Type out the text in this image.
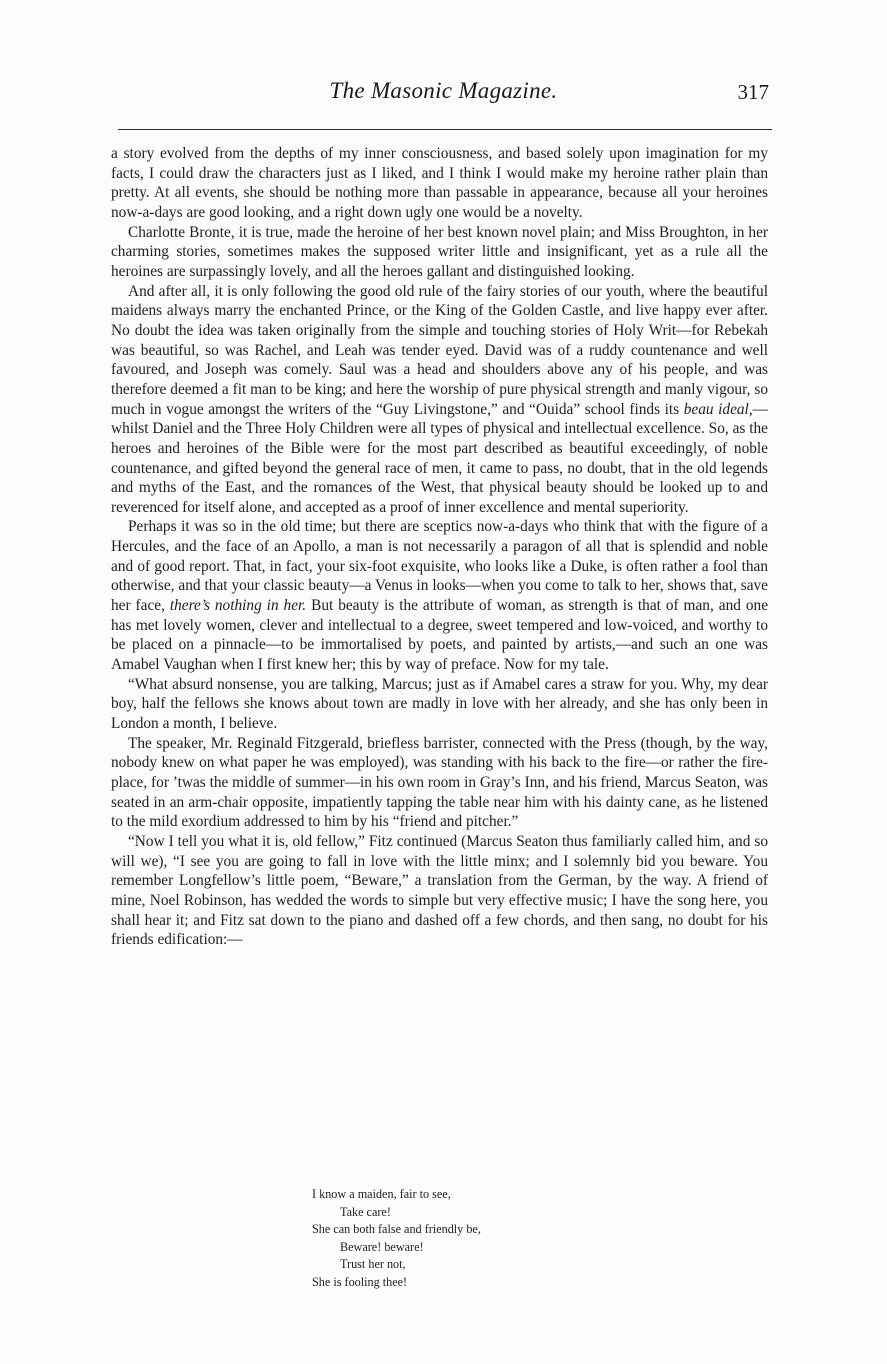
The Masonic Magazine.	317

a story evolved from the depths of my inner consciousness, and based solely upon imagination for my facts, I could draw the characters just as I liked, and I think I would make my heroine rather plain than pretty. At all events, she should be nothing more than passable in appearance, because all your heroines now-a-days are good looking, and a right down ugly one would be a novelty.

Charlotte Bronte, it is true, made the heroine of her best known novel plain; and Miss Broughton, in her charming stories, sometimes makes the supposed writer little and insignificant, yet as a rule all the heroines are surpassingly lovely, and all the heroes gallant and distinguished looking.

And after all, it is only following the good old rule of the fairy stories of our youth, where the beautiful maidens always marry the enchanted Prince, or the King of the Golden Castle, and live happy ever after. No doubt the idea was taken originally from the simple and touching stories of Holy Writ—for Rebekah was beautiful, so was Rachel, and Leah was tender eyed. David was of a ruddy countenance and well favoured, and Joseph was comely. Saul was a head and shoulders above any of his people, and was therefore deemed a fit man to be king; and here the worship of pure physical strength and manly vigour, so much in vogue amongst the writers of the “Guy Livingstone,” and “Ouida” school finds its beau ideal,—whilst Daniel and the Three Holy Children were all types of physical and intellectual excellence. So, as the heroes and heroines of the Bible were for the most part described as beautiful exceedingly, of noble countenance, and gifted beyond the general race of men, it came to pass, no doubt, that in the old legends and myths of the East, and the romances of the West, that physical beauty should be looked up to and reverenced for itself alone, and accepted as a proof of inner excellence and mental superiority.

Perhaps it was so in the old time; but there are sceptics now-a-days who think that with the figure of a Hercules, and the face of an Apollo, a man is not necessarily a paragon of all that is splendid and noble and of good report. That, in fact, your six-foot exquisite, who looks like a Duke, is often rather a fool than otherwise, and that your classic beauty—a Venus in looks—when you come to talk to her, shows that, save her face, there’s nothing in her. But beauty is the attribute of woman, as strength is that of man, and one has met lovely women, clever and intellectual to a degree, sweet tempered and low-voiced, and worthy to be placed on a pinnacle—to be immortalised by poets, and painted by artists,—and such an one was Amabel Vaughan when I first knew her; this by way of preface. Now for my tale.

“What absurd nonsense, you are talking, Marcus; just as if Amabel cares a straw for you. Why, my dear boy, half the fellows she knows about town are madly in love with her already, and she has only been in London a month, I believe.

The speaker, Mr. Reginald Fitzgerald, briefless barrister, connected with the Press (though, by the way, nobody knew on what paper he was employed), was standing with his back to the fire—or rather the fire-place, for ’twas the middle of summer—in his own room in Gray’s Inn, and his friend, Marcus Seaton, was seated in an arm-chair opposite, impatiently tapping the table near him with his dainty cane, as he listened to the mild exordium addressed to him by his “friend and pitcher.”

“Now I tell you what it is, old fellow,” Fitz continued (Marcus Seaton thus familiarly called him, and so will we), “I see you are going to fall in love with the little minx; and I solemnly bid you beware. You remember Longfellow’s little poem, “Beware,” a translation from the German, by the way. A friend of mine, Noel Robinson, has wedded the words to simple but very effective music; I have the song here, you shall hear it; and Fitz sat down to the piano and dashed off a few chords, and then sang, no doubt for his friends edification:—

I know a maiden, fair to see,
Take care!
She can both false and friendly be,
Beware! beware!
Trust her not,
She is fooling thee!
